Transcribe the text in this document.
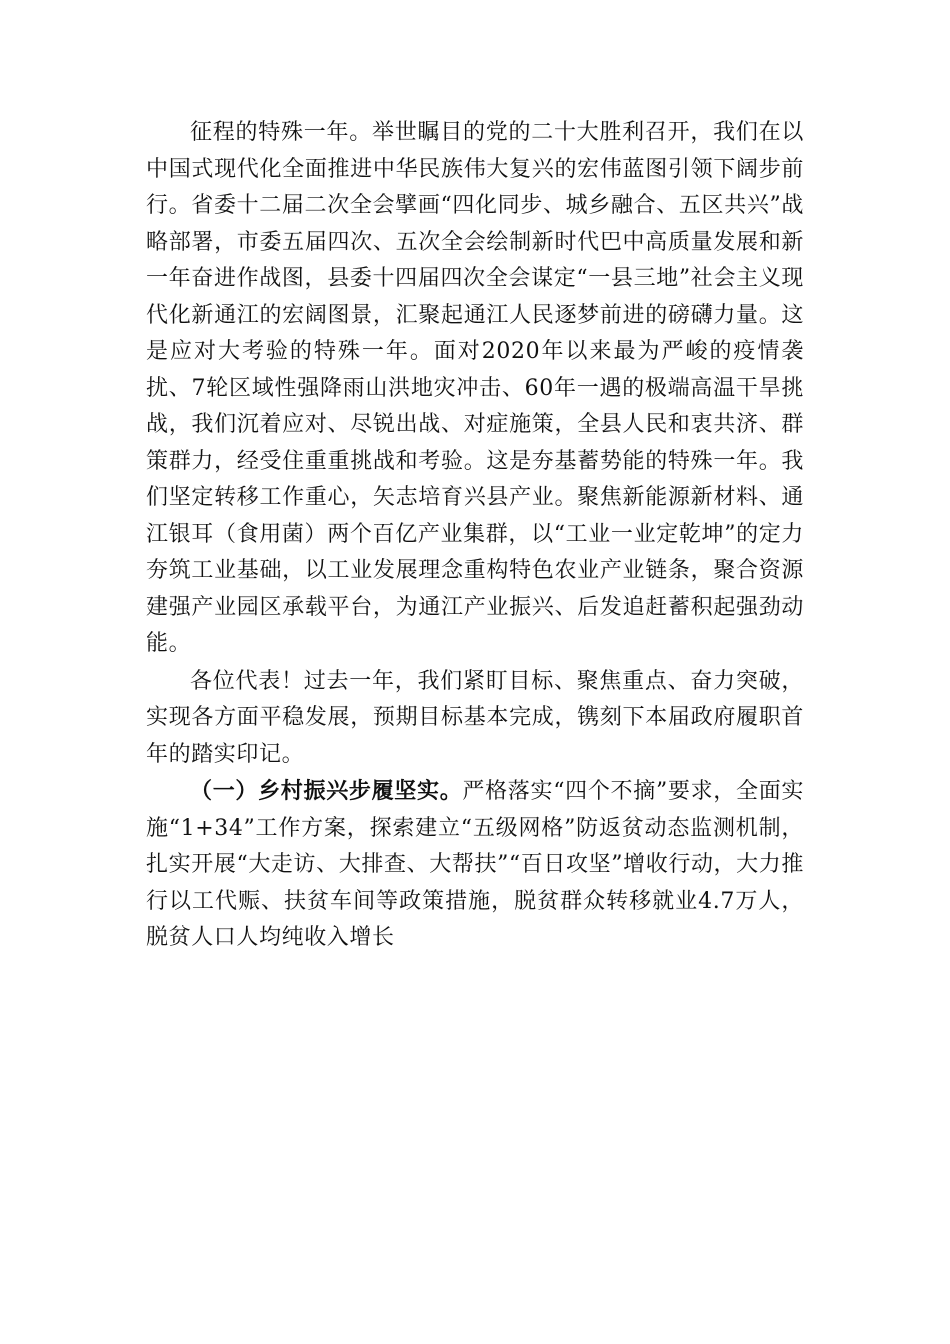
征程的特殊一年。举世瞩目的党的二十大胜利召开，我们在以中国式现代化全面推进中华民族伟大复兴的宏伟蓝图引领下阔步前行。省委十二届二次全会擘画“四化同步、城乡融合、五区共兴”战略部署，市委五届四次、五次全会绘制新时代巴中高质量发展和新一年奋进作战图，县委十四届四次全会谋定“一县三地”社会主义现代化新通江的宏阔图景，汇聚起通江人民逐梦前进的磅礴力量。这是应对大考验的特殊一年。面对2020年以来最为严峻的疫情袭扰、7轮区域性强降雨山洪地灾冲击、60年一遇的极端高温干旱挑战，我们沉着应对、尽锐出战、对症施策，全县人民和衷共济、群策群力，经受住重重挑战和考验。这是夯基蓄势能的特殊一年。我们坚定转移工作重心，矢志培育兴县产业。聚焦新能源新材料、通江银耳（食用菌）两个百亿产业集群，以“工业一业定乾坤”的定力夯筑工业基础，以工业发展理念重构特色农业产业链条，聚合资源建强产业园区承载平台，为通江产业振兴、后发追赶蓄积起强劲动能。

各位代表！过去一年，我们紧盯目标、聚焦重点、奋力突破，实现各方面平稳发展，预期目标基本完成，镌刻下本届政府履职首年的踏实印记。

（一）乡村振兴步履坚实。严格落实“四个不摘”要求，全面实施“1+34”工作方案，探索建立“五级网格”防返贫动态监测机制，扎实开展“大走访、大排查、大帮扶”“百日攻坚”增收行动，大力推行以工代赈、扶贫车间等政策措施，脱贫群众转移就业4.7万人，脱贫人口人均纯收入增长
